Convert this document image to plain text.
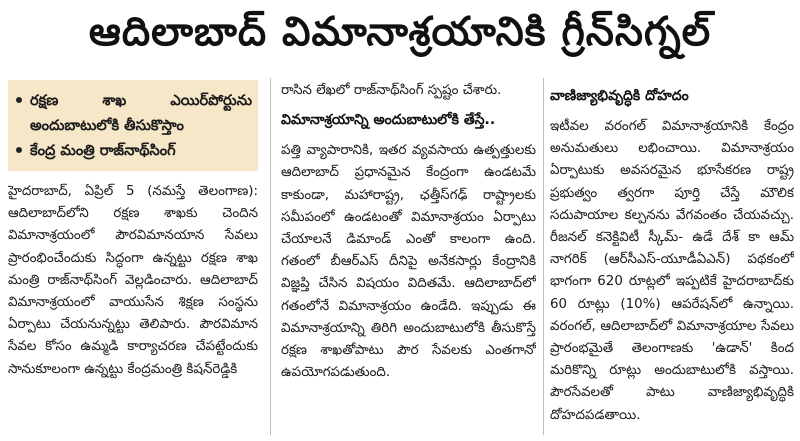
ఆదిలాబాద్ విమానాశ్రయానికి గ్రీన్‌సిగ్నల్
రక్షణ శాఖ ఎయిర్‌పోర్టును అందుబాటులోకి తీసుకొస్తాం
కేంద్ర మంత్రి రాజ్‌నాథ్‌సింగ్

హైదరాబాద్, ఏప్రిల్ 5 (నమస్తే తెలంగాణ): ఆదిలాబాద్‌లోని రక్షణ శాఖకు చెందిన విమానాశ్రయంలో పౌరవిమానయాన సేవలు ప్రారంభించేందుకు సిద్ధంగా ఉన్నట్టు రక్షణ శాఖ మంత్రి రాజ్‌నాథ్‌సింగ్ వెల్లడించారు. ఆదిలాబాద్ విమానాశ్రయంలో వాయుసేన శిక్షణ సంస్థను ఏర్పాటు చేయనున్నట్టు తెలిపారు. పౌరవిమాన సేవల కోసం ఉమ్మడి కార్యాచరణ చేపట్టేందుకు సానుకూలంగా ఉన్నట్టు కేంద్రమంత్రి కిషన్‌రెడ్డికి

రాసిన లేఖలో రాజ్‌నాథ్‌సింగ్ స్పష్టం చేశారు.

విమానాశ్రయాన్ని అందుబాటులోకి తేస్తే..

పత్తి వ్యాపారానికి, ఇతర వ్యవసాయ ఉత్పత్తులకు ఆదిలాబాద్ ప్రధానమైన కేంద్రంగా ఉండటమే కాకుండా, మహారాష్ట్ర, ఛత్తీస్‌గఢ్ రాష్ట్రాలకు సమీపంలో ఉండటంతో విమానాశ్రయం ఏర్పాటు చేయాలనే డిమాండ్ ఎంతో కాలంగా ఉంది. గతంలో బీఆర్‌ఎస్ దీనిపై అనేకసార్లు కేంద్రానికి విజ్ఞప్తి చేసిన విషయం విదితమే. ఆదిలాబాద్‌లో గతంలోనే విమానాశ్రయం ఉండేది. ఇప్పుడు ఈ విమానాశ్రయాన్ని తిరిగి అందుబాటులోకి తీసుకొస్తే రక్షణ శాఖతోపాటు పౌర సేవలకు ఎంతగానో ఉపయోగపడుతుంది.

వాణిజ్యాభివృద్ధికి దోహదం

ఇటీవల వరంగల్ విమానాశ్రయానికి కేంద్రం అనుమతులు లభించాయి. విమానాశ్రయం ఏర్పాటుకు అవసరమైన భూసేకరణ రాష్ట్ర ప్రభుత్వం త్వరగా పూర్తి చేస్తే మౌలిక సదుపాయాల కల్పనను వేగవంతం చేయవచ్చు. రీజనల్ కనెక్టివిటీ స్కీమ్- ఉడే దేశ్ కా ఆమ్ నాగరిక్ (ఆర్‌సీఎస్-యూడీఏఎన్) పథకంలో భాగంగా 620 రూట్లలో ఇప్పటికే హైదరాబాద్‌కు 60 రూట్లు (10%) ఆపరేషన్‌లో ఉన్నాయి. వరంగల్, ఆదిలాబాద్‌లో విమానాశ్రయాల సేవలు ప్రారంభమైతే తెలంగాణకు 'ఉడాన్' కింద మరికొన్ని రూట్లు అందుబాటులోకి వస్తాయి. పౌరసేవలతో పాటు వాణిజ్యాభివృద్ధికి దోహదపడతాయి.
